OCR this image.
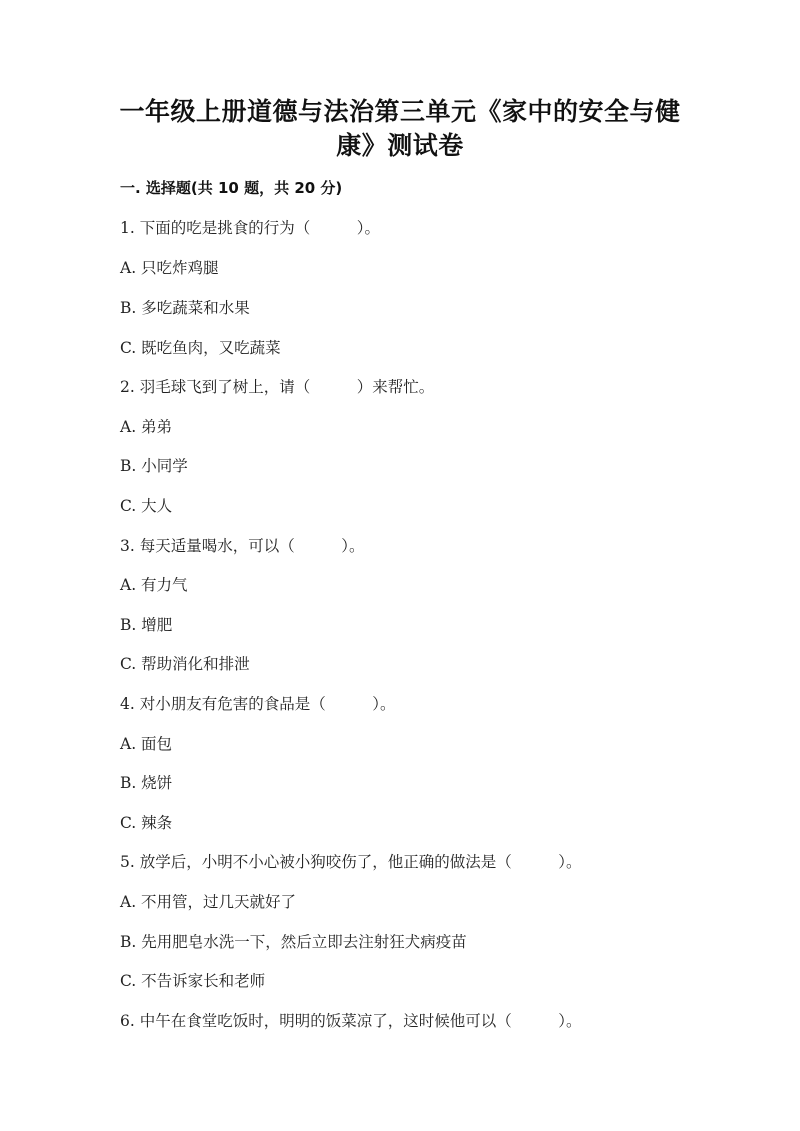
一年级上册道德与法治第三单元《家中的安全与健
康》测试卷
一. 选择题(共 10 题，共 20 分)
1. 下面的吃是挑食的行为（　　　）。
A. 只吃炸鸡腿
B. 多吃蔬菜和水果
C. 既吃鱼肉，又吃蔬菜
2. 羽毛球飞到了树上，请（　　　）来帮忙。
A. 弟弟
B. 小同学
C. 大人
3. 每天适量喝水，可以（　　　）。
A. 有力气
B. 增肥
C. 帮助消化和排泄
4. 对小朋友有危害的食品是（　　　）。
A. 面包
B. 烧饼
C. 辣条
5. 放学后，小明不小心被小狗咬伤了，他正确的做法是（　　　）。
A. 不用管，过几天就好了
B. 先用肥皂水洗一下，然后立即去注射狂犬病疫苗
C. 不告诉家长和老师
6. 中午在食堂吃饭时，明明的饭菜凉了，这时候他可以（　　　）。
